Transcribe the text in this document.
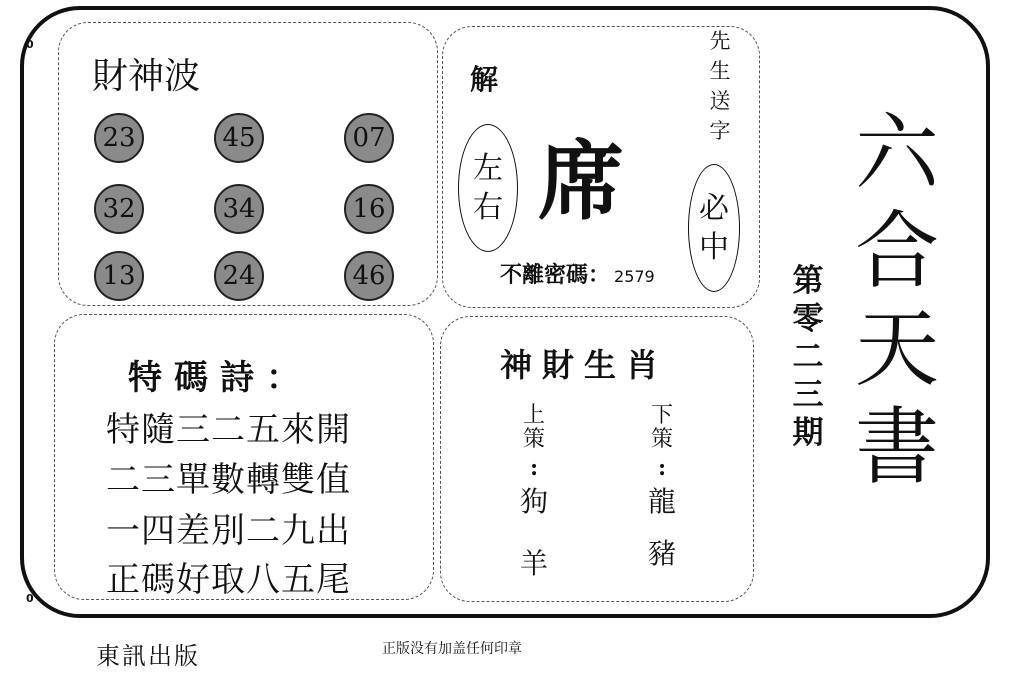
0
0
財神波
23	45	07
32	34	16
13	24	46
解
左
右 席
先
生
送
字
必
中
不離密碼： 2579	第
零
二
三
期
六
合
天
書
特碼詩：
特隨三二五來開
二三單數轉雙值
一四差別二九出
正碼好取八五尾
神財生肖
上
策
:
狗
羊
下
策
:
龍
豬
東訊出版	正版没有加盖任何印章
